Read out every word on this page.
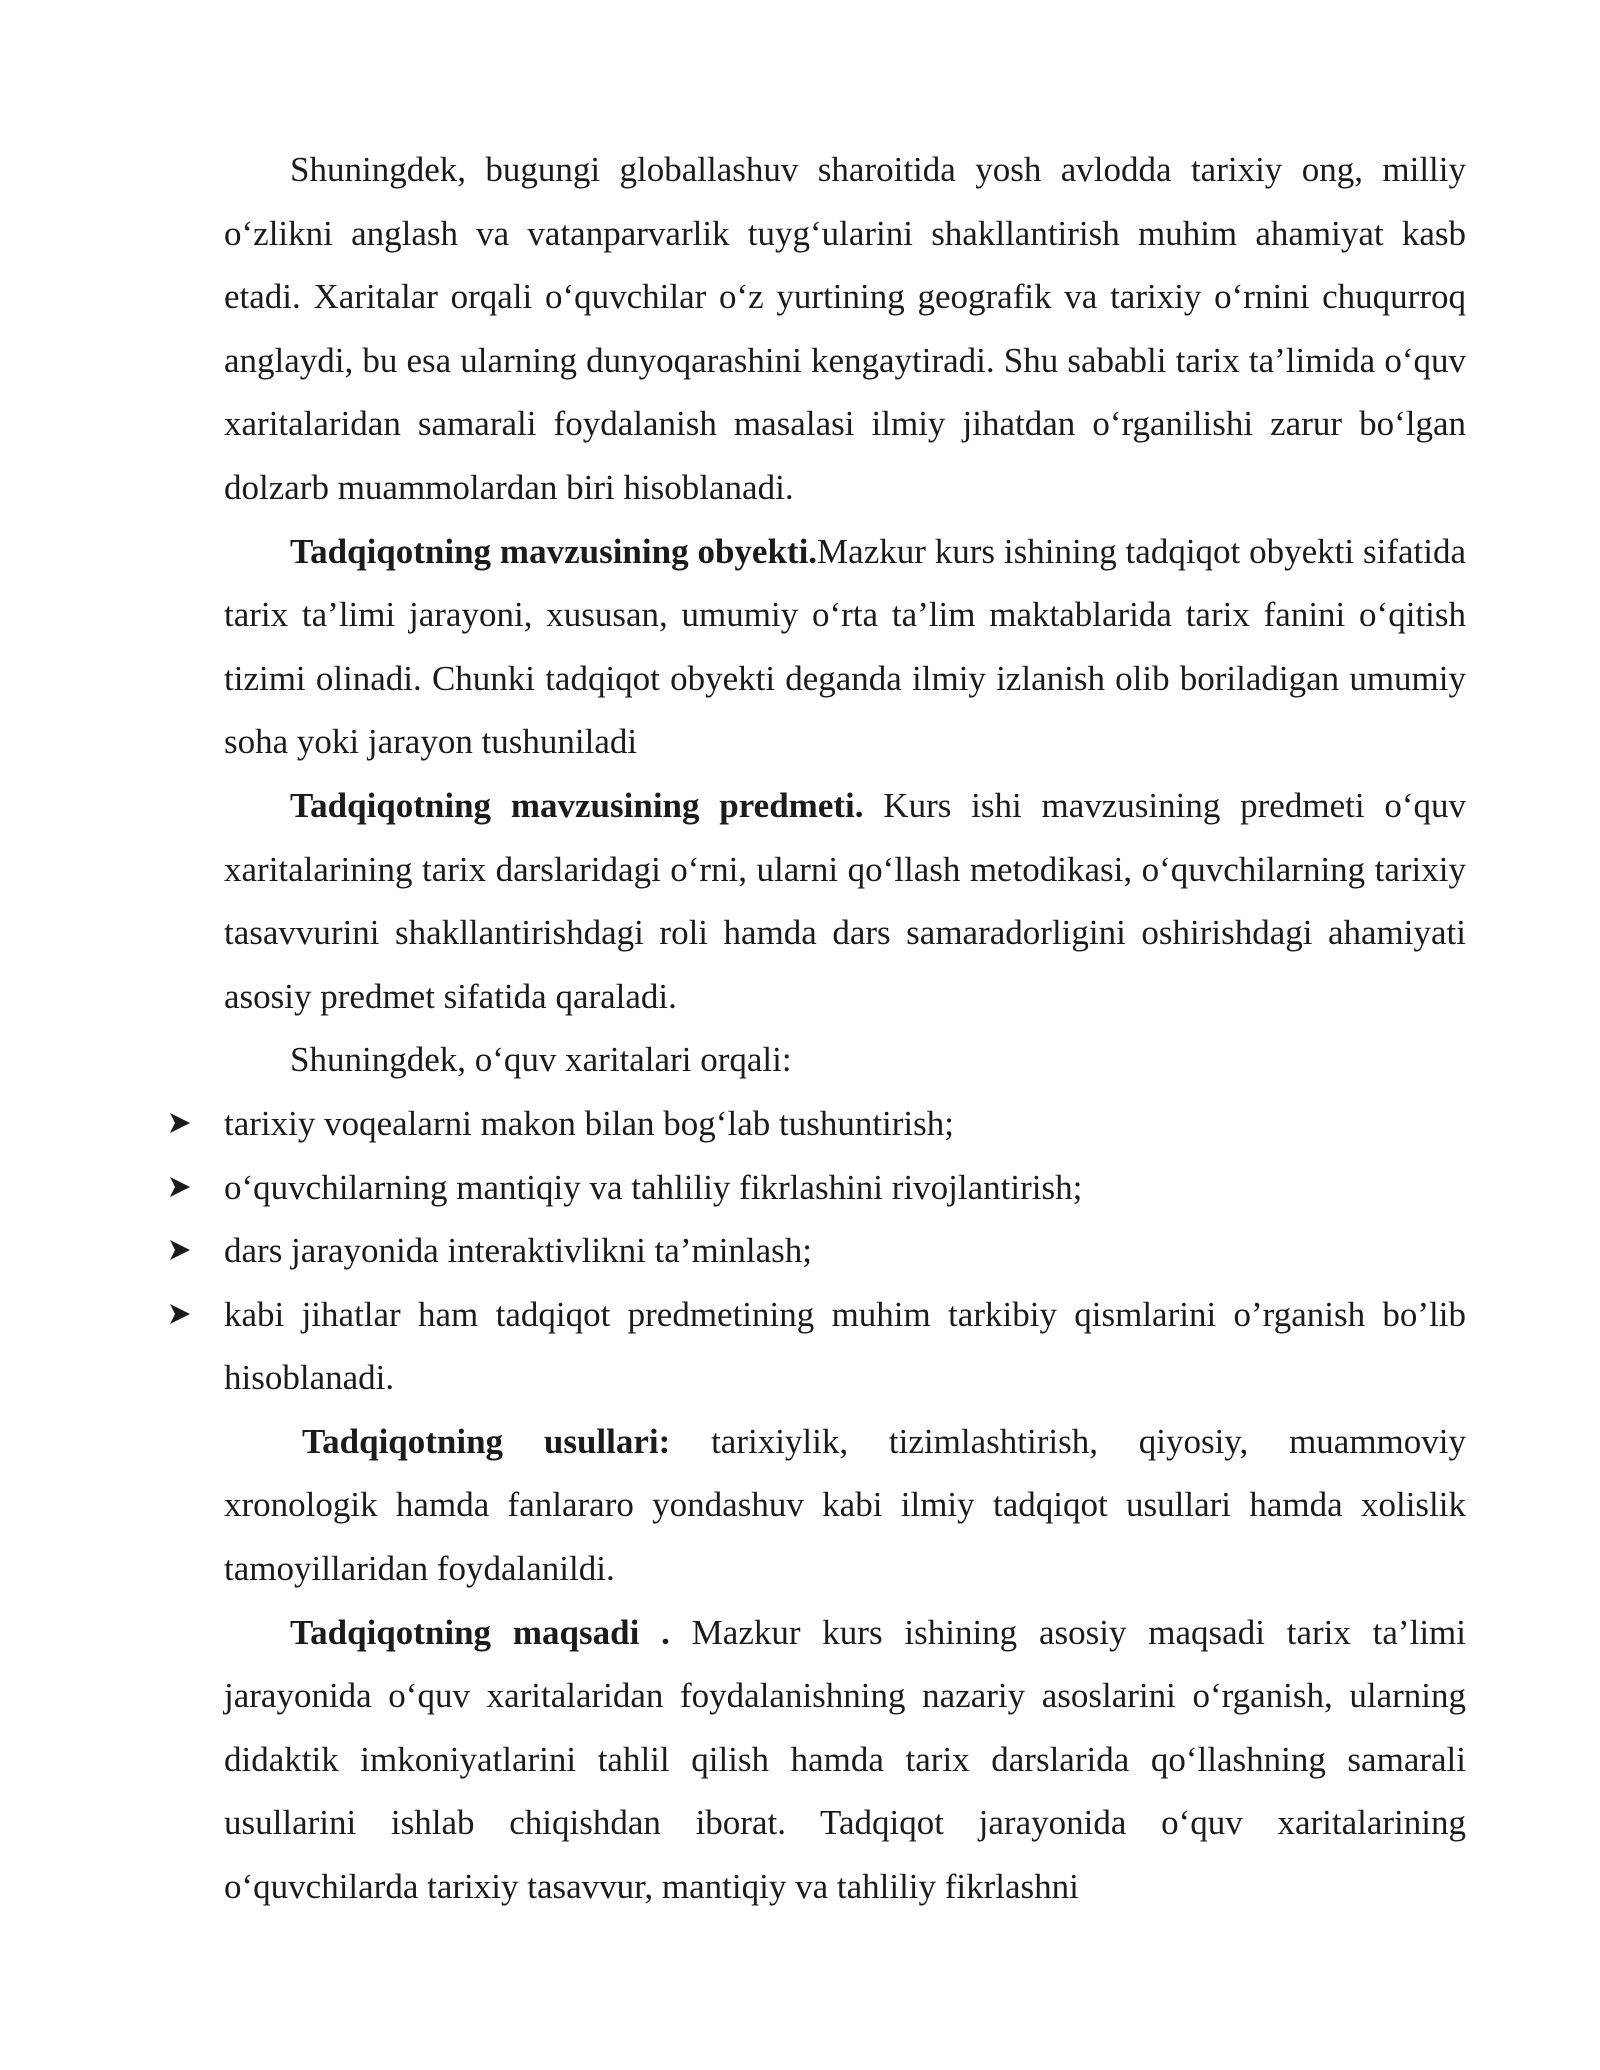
Shuningdek, bugungi globallashuv sharoitida yosh avlodda tarixiy ong, milliy o‘zlikni anglash va vatanparvarlik tuyg‘ularini shakllantirish muhim ahamiyat kasb etadi. Xaritalar orqali o‘quvchilar o‘z yurtining geografik va tarixiy o‘rnini chuqurroq anglaydi, bu esa ularning dunyoqarashini kengaytiradi. Shu sababli tarix ta’limida o‘quv xaritalaridan samarali foydalanish masalasi ilmiy jihatdan o‘rganilishi zarur bo‘lgan dolzarb muammolardan biri hisoblanadi.

Tadqiqotning mavzusining obyekti.Mazkur kurs ishining tadqiqot obyekti sifatida tarix ta’limi jarayoni, xususan, umumiy o‘rta ta’lim maktablarida tarix fanini o‘qitish tizimi olinadi. Chunki tadqiqot obyekti deganda ilmiy izlanish olib boriladigan umumiy soha yoki jarayon tushuniladi

Tadqiqotning mavzusining predmeti. Kurs ishi mavzusining predmeti o‘quv xaritalarining tarix darslaridagi o‘rni, ularni qo‘llash metodikasi, o‘quvchilarning tarixiy tasavvurini shakllantirishdagi roli hamda dars samaradorligini oshirishdagi ahamiyati asosiy predmet sifatida qaraladi.

Shuningdek, o‘quv xaritalari orqali:

tarixiy voqealarni makon bilan bog‘lab tushuntirish;
o‘quvchilarning mantiqiy va tahliliy fikrlashini rivojlantirish;
dars jarayonida interaktivlikni ta’minlash;
kabi jihatlar ham tadqiqot predmetining muhim tarkibiy qismlarini o’rganish bo’lib hisoblanadi.

Tadqiqotning usullari: tarixiylik, tizimlashtirish, qiyosiy, muammoviy xronologik hamda fanlararo yondashuv kabi ilmiy tadqiqot usullari hamda xolislik tamoyillaridan foydalanildi.

Tadqiqotning maqsadi . Mazkur kurs ishining asosiy maqsadi tarix ta’limi jarayonida o‘quv xaritalaridan foydalanishning nazariy asoslarini o‘rganish, ularning didaktik imkoniyatlarini tahlil qilish hamda tarix darslarida qo‘llashning samarali usullarini ishlab chiqishdan iborat. Tadqiqot jarayonida o‘quv xaritalarining o‘quvchilarda tarixiy tasavvur, mantiqiy va tahliliy fikrlashni
